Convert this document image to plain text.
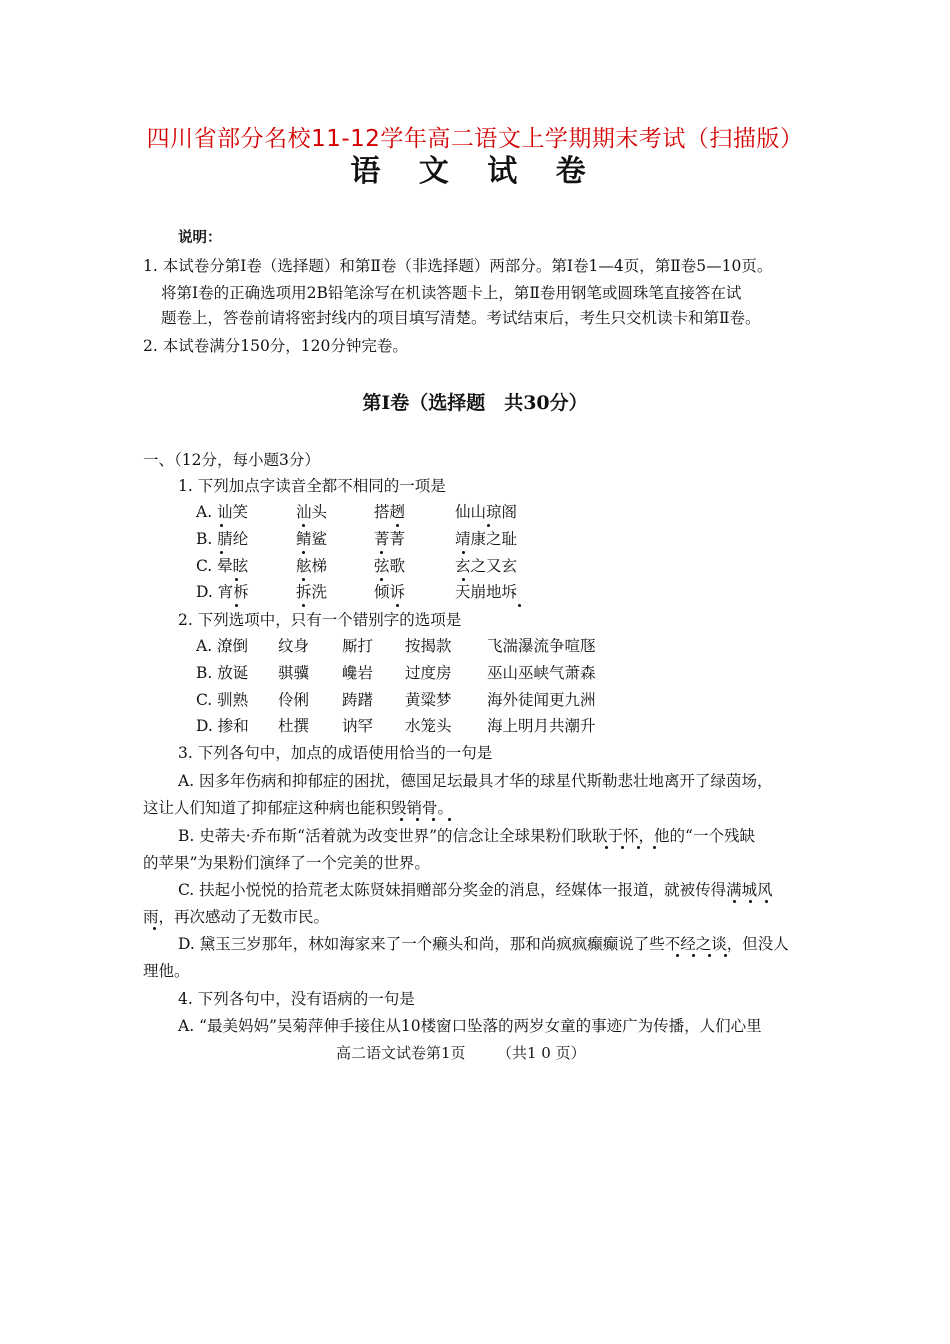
四川省部分名校11-12学年高二语文上学期期末考试（扫描版）
语 文 试 卷
说明：
1. 本试卷分第Ⅰ卷（选择题）和第Ⅱ卷（非选择题）两部分。第Ⅰ卷1—4页，第Ⅱ卷5—10页。
将第Ⅰ卷的正确选项用2B铅笔涂写在机读答题卡上，第Ⅱ卷用钢笔或圆珠笔直接答在试
题卷上，答卷前请将密封线内的项目填写清楚。考试结束后，考生只交机读卡和第Ⅱ卷。
2. 本试卷满分150分，120分钟完卷。
第Ⅰ卷（选择题　共30分）
一、（12分，每小题3分）
1. 下列加点字读音全都不相同的一项是
A. 讪笑	汕头	搭趔	仙山琼阁
B. 腈纶	鲭鲨	菁菁	靖康之耻
C. 晕眩	舷梯	弦歌	玄之又玄
D. 宵柝	拆洗	倾诉	天崩地坼
2. 下列选项中，只有一个错别字的选项是
A. 潦倒 纹身 厮打 按揭款 飞湍瀑流争喧豗
B. 放诞 骐骥 巉岩 过度房 巫山巫峡气萧森
C. 驯熟 伶俐 踌躇 黄粱梦 海外徒闻更九洲
D. 掺和 杜撰 讷罕 水笼头 海上明月共潮升
3. 下列各句中，加点的成语使用恰当的一句是
A. 因多年伤病和抑郁症的困扰，德国足坛最具才华的球星代斯勒悲壮地离开了绿茵场，
这让人们知道了抑郁症这种病也能积毁销骨。
B. 史蒂夫·乔布斯“活着就为改变世界”的信念让全球果粉们耿耿于怀，他的“一个残缺
的苹果”为果粉们演绎了一个完美的世界。
C. 扶起小悦悦的拾荒老太陈贤妹捐赠部分奖金的消息，经媒体一报道，就被传得满城风
雨，再次感动了无数市民。
D. 黛玉三岁那年，林如海家来了一个癞头和尚，那和尚疯疯癫癫说了些不经之谈，但没人
理他。
4. 下列各句中，没有语病的一句是
A. “最美妈妈”吴菊萍伸手接住从10楼窗口坠落的两岁女童的事迹广为传播，人们心里
高二语文试卷第1页 （共1 0 页）
